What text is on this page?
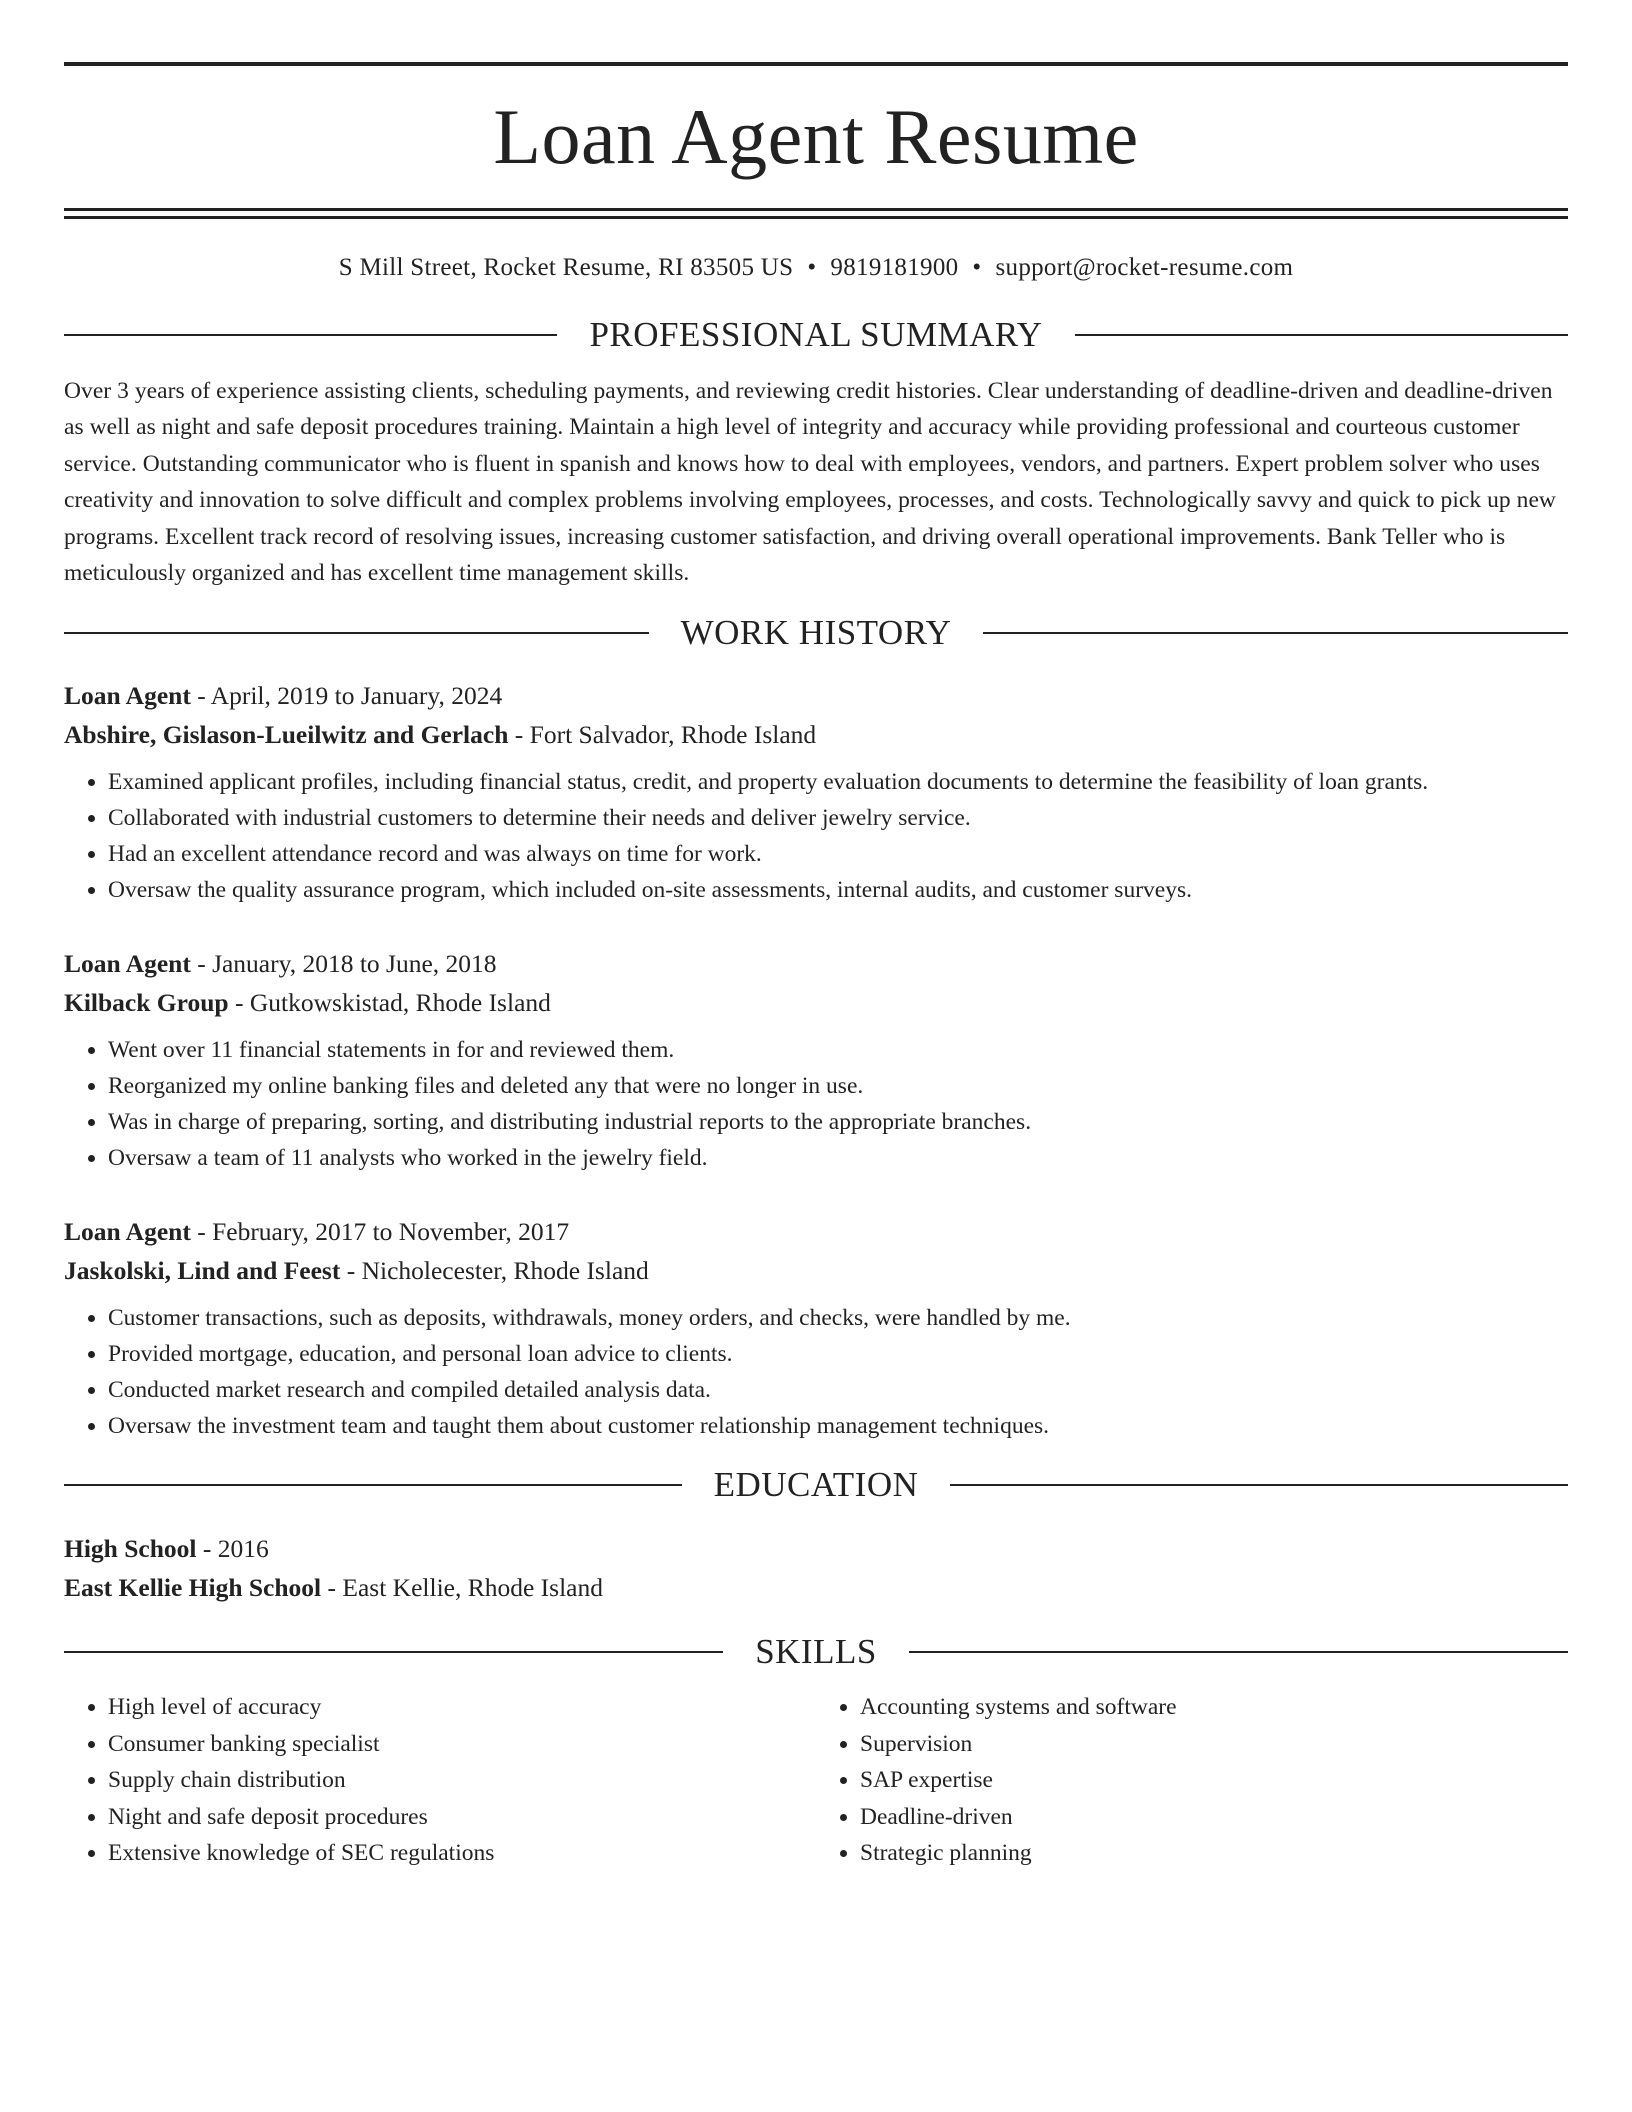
Loan Agent Resume
S Mill Street, Rocket Resume, RI 83505 US • 9819181900 • support@rocket-resume.com
PROFESSIONAL SUMMARY
Over 3 years of experience assisting clients, scheduling payments, and reviewing credit histories. Clear understanding of deadline-driven and deadline-driven as well as night and safe deposit procedures training. Maintain a high level of integrity and accuracy while providing professional and courteous customer service. Outstanding communicator who is fluent in spanish and knows how to deal with employees, vendors, and partners. Expert problem solver who uses creativity and innovation to solve difficult and complex problems involving employees, processes, and costs. Technologically savvy and quick to pick up new programs. Excellent track record of resolving issues, increasing customer satisfaction, and driving overall operational improvements. Bank Teller who is meticulously organized and has excellent time management skills.
WORK HISTORY
Loan Agent - April, 2019 to January, 2024
Abshire, Gislason-Lueilwitz and Gerlach - Fort Salvador, Rhode Island
• Examined applicant profiles, including financial status, credit, and property evaluation documents to determine the feasibility of loan grants.
• Collaborated with industrial customers to determine their needs and deliver jewelry service.
• Had an excellent attendance record and was always on time for work.
• Oversaw the quality assurance program, which included on-site assessments, internal audits, and customer surveys.
Loan Agent - January, 2018 to June, 2018
Kilback Group - Gutkowskistad, Rhode Island
• Went over 11 financial statements in for and reviewed them.
• Reorganized my online banking files and deleted any that were no longer in use.
• Was in charge of preparing, sorting, and distributing industrial reports to the appropriate branches.
• Oversaw a team of 11 analysts who worked in the jewelry field.
Loan Agent - February, 2017 to November, 2017
Jaskolski, Lind and Feest - Nicholecester, Rhode Island
• Customer transactions, such as deposits, withdrawals, money orders, and checks, were handled by me.
• Provided mortgage, education, and personal loan advice to clients.
• Conducted market research and compiled detailed analysis data.
• Oversaw the investment team and taught them about customer relationship management techniques.
EDUCATION
High School - 2016
East Kellie High School - East Kellie, Rhode Island
SKILLS
• High level of accuracy
• Consumer banking specialist
• Supply chain distribution
• Night and safe deposit procedures
• Extensive knowledge of SEC regulations
• Accounting systems and software
• Supervision
• SAP expertise
• Deadline-driven
• Strategic planning
